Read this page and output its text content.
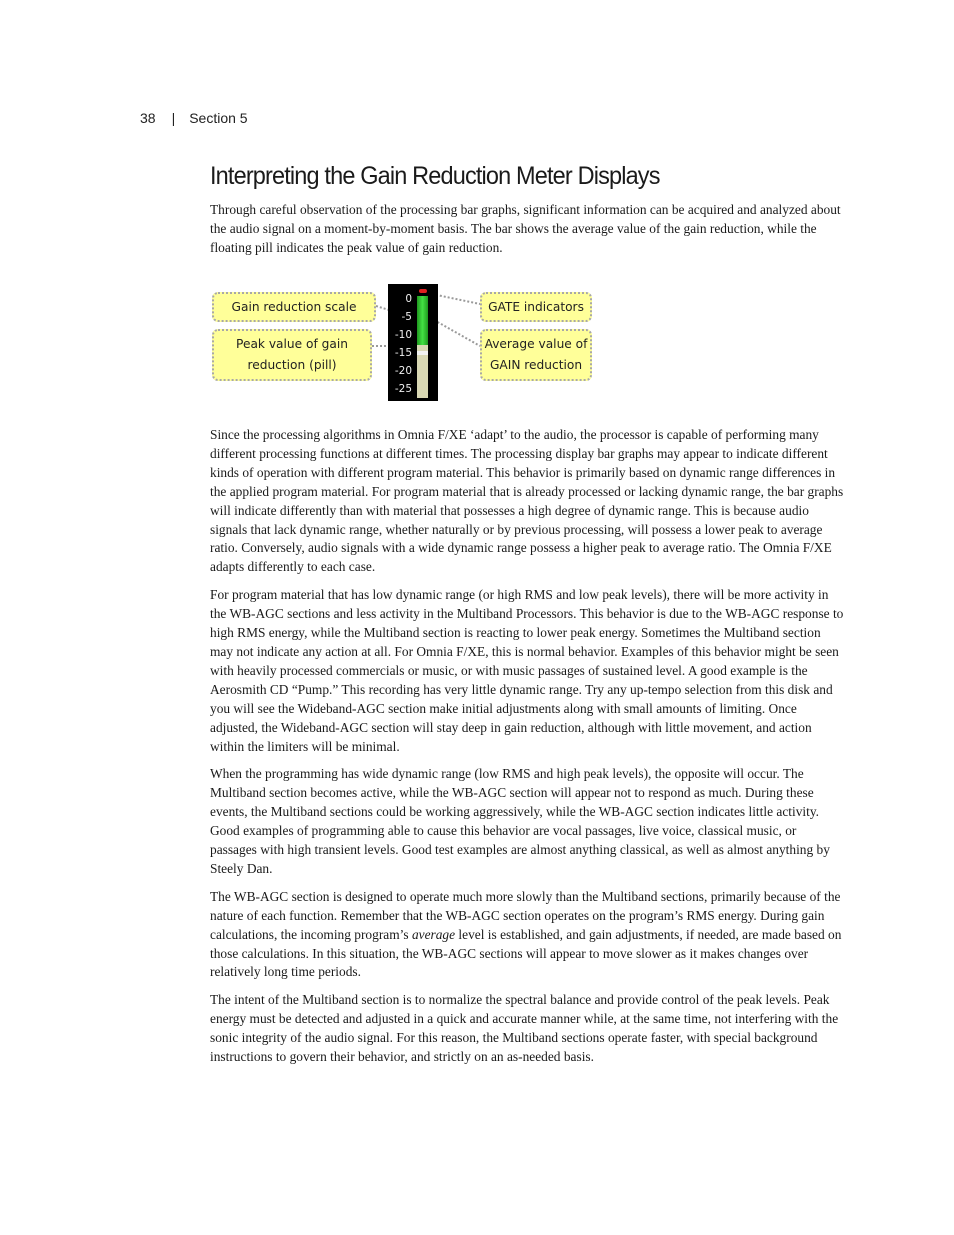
38 | Section 5
Interpreting the Gain Reduction Meter Displays

Through careful observation of the processing bar graphs, significant information can be acquired and analyzed about the audio signal on a moment-by-moment basis. The bar shows the average value of the gain reduction, while the floating pill indicates the peak value of gain reduction.

Gain reduction scale
Peak value of gain
reduction (pill)
GATE indicators
Average value of
GAIN reduction
0
-5
-10
-15
-20
-25

Since the processing algorithms in Omnia F/XE ‘adapt’ to the audio, the processor is capable of performing many different processing functions at different times. The processing display bar graphs may appear to indicate different kinds of operation with different program material. This behavior is primarily based on dynamic range differences in the applied program material. For program material that is already processed or lacking dynamic range, the bar graphs will indicate differently than with material that possesses a high degree of dynamic range. This is because audio signals that lack dynamic range, whether naturally or by previous processing, will possess a lower peak to average ratio. Conversely, audio signals with a wide dynamic range possess a higher peak to average ratio. The Omnia F/XE adapts differently to each case.

For program material that has low dynamic range (or high RMS and low peak levels), there will be more activity in the WB-AGC sections and less activity in the Multiband Processors. This behavior is due to the WB-AGC response to high RMS energy, while the Multiband section is reacting to lower peak energy. Sometimes the Multiband section may not indicate any action at all. For Omnia F/XE, this is normal behavior. Examples of this behavior might be seen with heavily processed commercials or music, or with music passages of sustained level. A good example is the Aerosmith CD “Pump.” This recording has very little dynamic range. Try any up-tempo selection from this disk and you will see the Wideband-AGC section make initial adjustments along with small amounts of limiting. Once adjusted, the Wideband-AGC section will stay deep in gain reduction, although with little movement, and action within the limiters will be minimal.

When the programming has wide dynamic range (low RMS and high peak levels), the opposite will occur. The Multiband section becomes active, while the WB-AGC section will appear not to respond as much. During these events, the Multiband sections could be working aggressively, while the WB-AGC section indicates little activity. Good examples of programming able to cause this behavior are vocal passages, live voice, classical music, or passages with high transient levels. Good test examples are almost anything classical, as well as almost anything by Steely Dan.

The WB-AGC section is designed to operate much more slowly than the Multiband sections, primarily because of the nature of each function. Remember that the WB-AGC section operates on the program’s RMS energy. During gain calculations, the incoming program’s average level is established, and gain adjustments, if needed, are made based on those calculations. In this situation, the WB-AGC sections will appear to move slower as it makes changes over relatively long time periods.

The intent of the Multiband section is to normalize the spectral balance and provide control of the peak levels. Peak energy must be detected and adjusted in a quick and accurate manner while, at the same time, not interfering with the sonic integrity of the audio signal. For this reason, the Multiband sections operate faster, with special background instructions to govern their behavior, and strictly on an as-needed basis.
